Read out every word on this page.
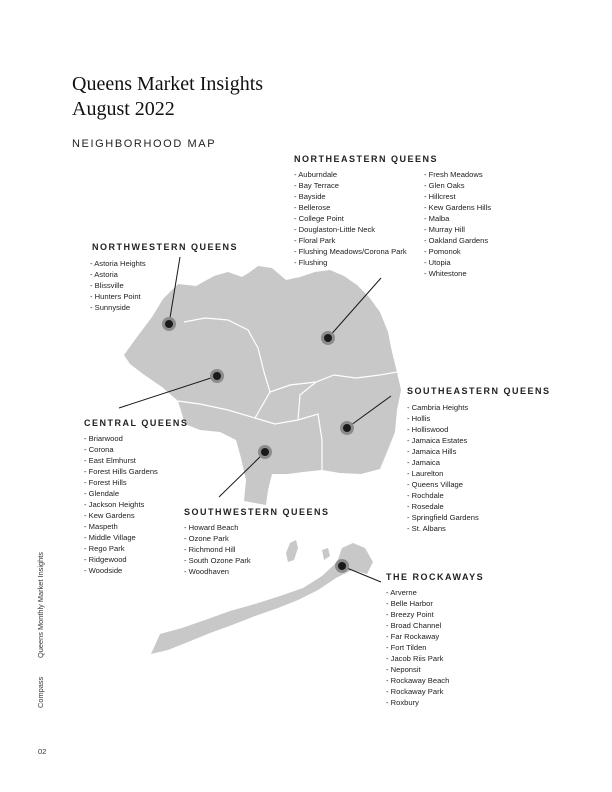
Queens Market Insights
August 2022
NEIGHBORHOOD MAP
NORTHEASTERN QUEENS
- Auburndale
- Bay Terrace
- Bayside
- Bellerose
- College Point
- Douglaston-Little Neck
- Floral Park
- Flushing Meadows/Corona Park
- Flushing
- Fresh Meadows
- Glen Oaks
- Hillcrest
- Kew Gardens Hills
- Malba
- Murray Hill
- Oakland Gardens
- Pomonok
- Utopia
- Whitestone
NORTHWESTERN QUEENS
- Astoria Heights
- Astoria
- Blissville
- Hunters Point
- Sunnyside
CENTRAL QUEENS
- Briarwood
- Corona
- East Elmhurst
- Forest Hills Gardens
- Forest Hills
- Glendale
- Jackson Heights
- Kew Gardens
- Maspeth
- Middle Village
- Rego Park
- Ridgewood
- Woodside
SOUTHEASTERN QUEENS
- Cambria Heights
- Hollis
- Holliswood
- Jamaica Estates
- Jamaica Hills
- Jamaica
- Laurelton
- Queens Village
- Rochdale
- Rosedale
- Springfield Gardens
- St. Albans
SOUTHWESTERN QUEENS
- Howard Beach
- Ozone Park
- Richmond Hill
- South Ozone Park
- Woodhaven
THE ROCKAWAYS
- Arverne
- Belle Harbor
- Breezy Point
- Broad Channel
- Far Rockaway
- Fort Tilden
- Jacob Riis Park
- Neponsit
- Rockaway Beach
- Rockaway Park
- Roxbury
Queens Monthly Market Insights
Compass
02
